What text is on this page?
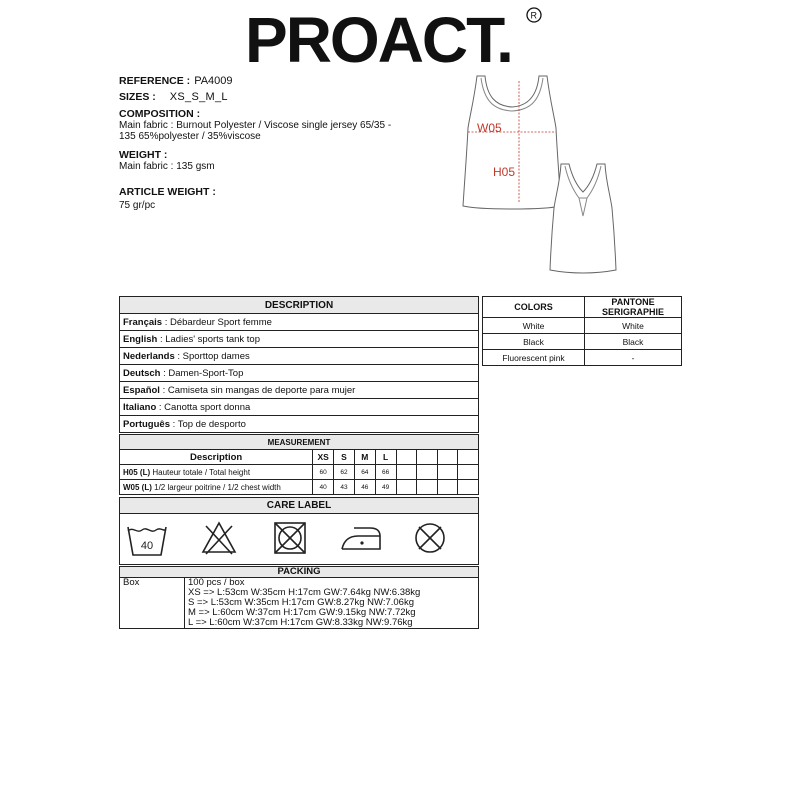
PROACT. R
REFERENCE : PA4009
SIZES : XS_S_M_L
COMPOSITION :
Main fabric : Burnout Polyester / Viscose single jersey 65/35 -
135 65%polyester / 35%viscose
WEIGHT :
Main fabric : 135 gsm
ARTICLE WEIGHT :
75 gr/pc
W05
H05
DESCRIPTION
Français : Débardeur Sport femme
English : Ladies' sports tank top
Nederlands : Sporttop dames
Deutsch : Damen-Sport-Top
Español : Camiseta sin mangas de deporte para mujer
Italiano : Canotta sport donna
Português : Top de desporto
COLORS	PANTONE SERIGRAPHIE
White	White
Black	Black
Fluorescent pink	-
MEASUREMENT								
Description	XS	S	M	L				
H05 (L) Hauteur totale / Total height	60	62	64	66				
W05 (L) 1/2 largeur poitrine / 1/2 chest width	40	43	46	49				
CARE LABEL
40
PACKING
Box	100 pcs / box
XS => L:53cm W:35cm H:17cm GW:7.64kg NW:6.38kg
S => L:53cm W:35cm H:17cm GW:8.27kg NW:7.06kg
M => L:60cm W:37cm H:17cm GW:9.15kg NW:7.72kg
L => L:60cm W:37cm H:17cm GW:8.33kg NW:9.76kg
